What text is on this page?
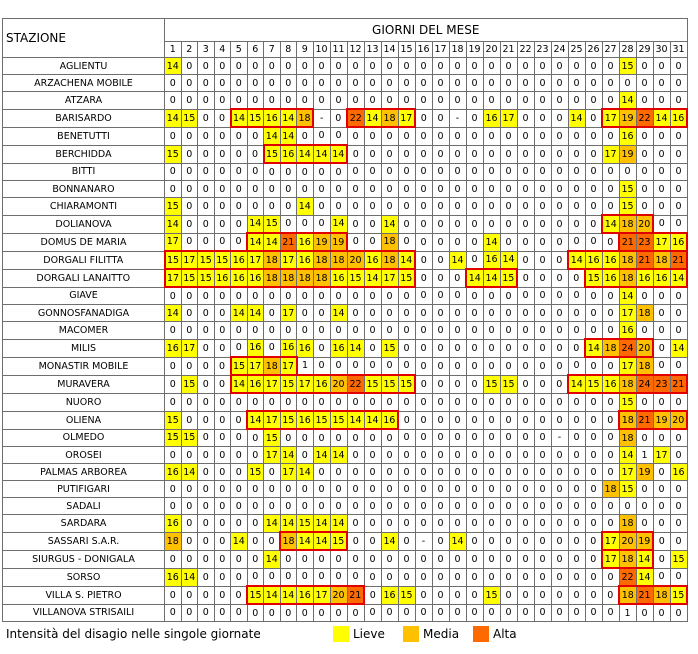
STAZIONE	GIORNI DEL MESE																														
	1	2	3	4	5	6	7	8	9	10	11	12	13	14	15	16	17	18	19	20	21	22	23	24	25	26	27	28	29	30	31
AGLIENTU	14	0	0	0	0	0	0	0	0	0	0	0	0	0	0	0	0	0	0	0	0	0	0	0	0	0	0	15	0	0	0
ARZACHENA MOBILE	0	0	0	0	0	0	0	0	0	0	0	0	0	0	0	0	0	0	0	0	0	0	0	0	0	0	0	0	0	0	0
ATZARA	0	0	0	0	0	0	0	0	0	0	0	0	0	0	0	0	0	0	0	0	0	0	0	0	0	0	0	14	0	0	0
BARISARDO	14	15	0	0	14	15	16	14	18	-	0	22	14	18	17	0	0	-	0	16	17	0	0	0	14	0	17	19	22	14	16
BENETUTTI	0	0	0	0	0	0	14	14	0	0	0	0	0	0	0	0	0	0	0	0	0	0	0	0	0	0	0	16	0	0	0
BERCHIDDA	15	0	0	0	0	0	15	16	14	14	14	0	0	0	0	0	0	0	0	0	0	0	0	0	0	0	17	19	0	0	0
BITTI	0	0	0	0	0	0	0	0	0	0	0	0	0	0	0	0	0	0	0	0	0	0	0	0	0	0	0	0	0	0	0
BONNANARO	0	0	0	0	0	0	0	0	0	0	0	0	0	0	0	0	0	0	0	0	0	0	0	0	0	0	0	15	0	0	0
CHIARAMONTI	15	0	0	0	0	0	0	0	14	0	0	0	0	0	0	0	0	0	0	0	0	0	0	0	0	0	0	15	0	0	0
DOLIANOVA	14	0	0	0	0	14	15	0	0	0	14	0	0	14	0	0	0	0	0	0	0	0	0	0	0	0	14	18	20	0	0
DOMUS DE MARIA	17	0	0	0	0	14	14	21	16	19	19	0	0	18	0	0	0	0	0	14	0	0	0	0	0	0	0	21	23	17	16
DORGALI FILITTA	15	17	15	15	16	17	18	17	16	18	18	20	16	18	14	0	0	14	0	16	14	0	0	0	14	16	16	18	21	18	21
DORGALI LANAITTO	17	15	15	16	16	16	18	18	18	18	16	15	14	17	15	0	0	0	14	14	15	0	0	0	0	15	16	18	16	16	14
GIAVE	0	0	0	0	0	0	0	0	0	0	0	0	0	0	0	0	0	0	0	0	0	0	0	0	0	0	0	14	0	0	0
GONNOSFANADIGA	14	0	0	0	14	14	0	17	0	0	14	0	0	0	0	0	0	0	0	0	0	0	0	0	0	0	0	17	18	0	0
MACOMER	0	0	0	0	0	0	0	0	0	0	0	0	0	0	0	0	0	0	0	0	0	0	0	0	0	0	0	16	0	0	0
MILIS	16	17	0	0	0	16	0	16	16	0	16	14	0	15	0	0	0	0	0	0	0	0	0	0	0	14	18	24	20	0	14
MONASTIR MOBILE	0	0	0	0	15	17	18	17	1	0	0	0	0	0	0	0	0	0	0	0	0	0	0	0	0	0	0	17	18	0	0
MURAVERA	0	15	0	0	14	16	17	15	17	16	20	22	15	15	15	0	0	0	0	15	15	0	0	0	14	15	16	18	24	23	21
NUORO	0	0	0	0	0	0	0	0	0	0	0	0	0	0	0	0	0	0	0	0	0	0	0	0	0	0	0	15	0	0	0
OLIENA	15	0	0	0	0	14	17	15	16	15	15	14	14	16	0	0	0	0	0	0	0	0	0	0	0	0	0	18	21	19	20
OLMEDO	15	15	0	0	0	0	15	0	0	0	0	0	0	0	0	0	0	0	0	0	0	0	0	-	0	0	0	18	0	0	0
OROSEI	0	0	0	0	0	0	17	14	0	14	14	0	0	0	0	0	0	0	0	0	0	0	0	0	0	0	0	14	1	17	0
PALMAS ARBOREA	16	14	0	0	0	15	0	17	14	0	0	0	0	0	0	0	0	0	0	0	0	0	0	0	0	0	0	17	19	0	16
PUTIFIGARI	0	0	0	0	0	0	0	0	0	0	0	0	0	0	0	0	0	0	0	0	0	0	0	0	0	0	18	15	0	0	0
SADALI	0	0	0	0	0	0	0	0	0	0	0	0	0	0	0	0	0	0	0	0	0	0	0	0	0	0	0	0	0	0	0
SARDARA	16	0	0	0	0	0	14	14	15	14	14	0	0	0	0	0	0	0	0	0	0	0	0	0	0	0	0	18	0	0	0
SASSARI S.A.R.	18	0	0	0	14	0	0	18	14	14	15	0	0	14	0	-	0	14	0	0	0	0	0	0	0	0	17	20	19	0	0
SIURGUS - DONIGALA	0	0	0	0	0	0	14	0	0	0	0	0	0	0	0	0	0	0	0	0	0	0	0	0	0	0	17	18	14	0	15
SORSO	16	14	0	0	0	0	0	0	0	0	0	0	0	0	0	0	0	0	0	0	0	0	0	0	0	0	0	22	14	0	0
VILLA S. PIETRO	0	0	0	0	0	15	14	14	16	17	20	21	0	16	15	0	0	0	0	15	0	0	0	0	0	0	0	18	21	18	15
VILLANOVA STRISAILI	0	0	0	0	0	0	0	0	0	0	0	0	0	0	0	0	0	0	0	0	0	0	0	0	0	0	0	1	0	0	0
Intensità del disagio nelle singole giornate	Lieve	Media	Alta
